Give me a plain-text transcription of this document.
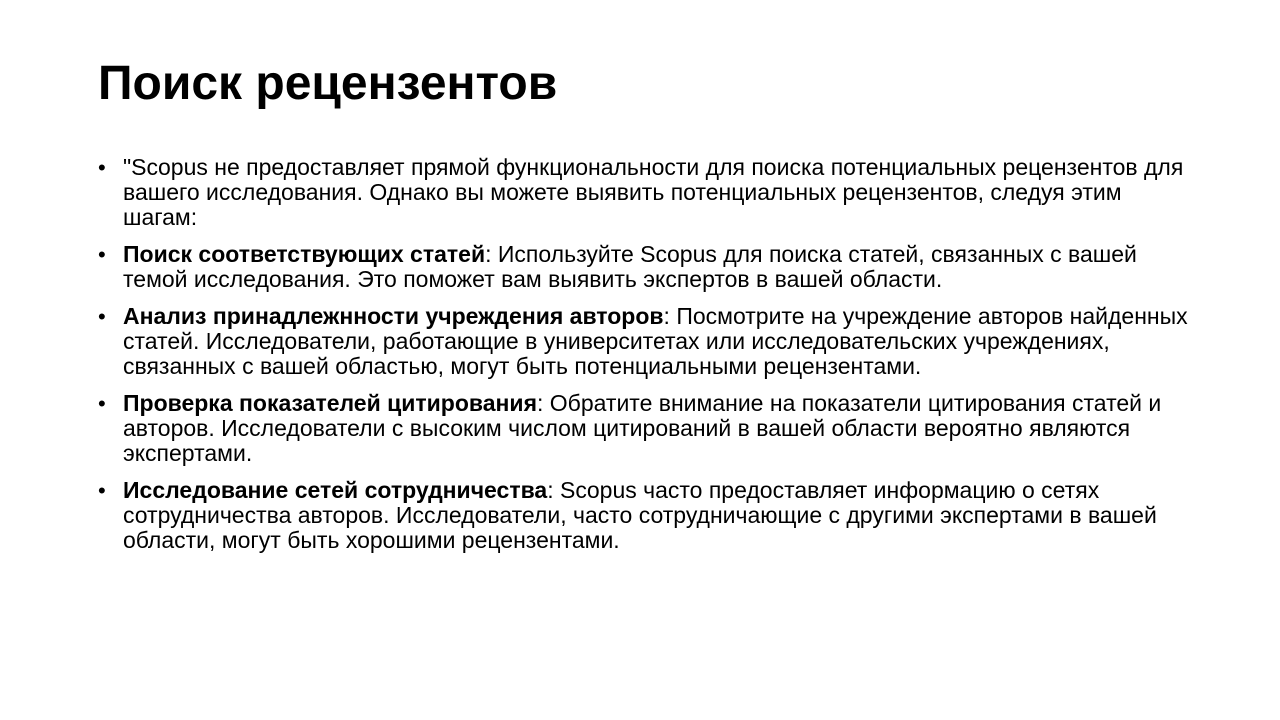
Поиск рецензентов
• "Scopus не предоставляет прямой функциональности для поиска потенциальных рецензентов для вашего исследования. Однако вы можете выявить потенциальных рецензентов, следуя этим шагам:
• Поиск соответствующих статей: Используйте Scopus для поиска статей, связанных с вашей темой исследования. Это поможет вам выявить экспертов в вашей области.
• Анализ принадлежнности учреждения авторов: Посмотрите на учреждение авторов найденных статей. Исследователи, работающие в университетах или исследовательских учреждениях, связанных с вашей областью, могут быть потенциальными рецензентами.
• Проверка показателей цитирования: Обратите внимание на показатели цитирования статей и авторов. Исследователи с высоким числом цитирований в вашей области вероятно являются экспертами.
• Исследование сетей сотрудничества: Scopus часто предоставляет информацию о сетях сотрудничества авторов. Исследователи, часто сотрудничающие с другими экспертами в вашей области, могут быть хорошими рецензентами.
